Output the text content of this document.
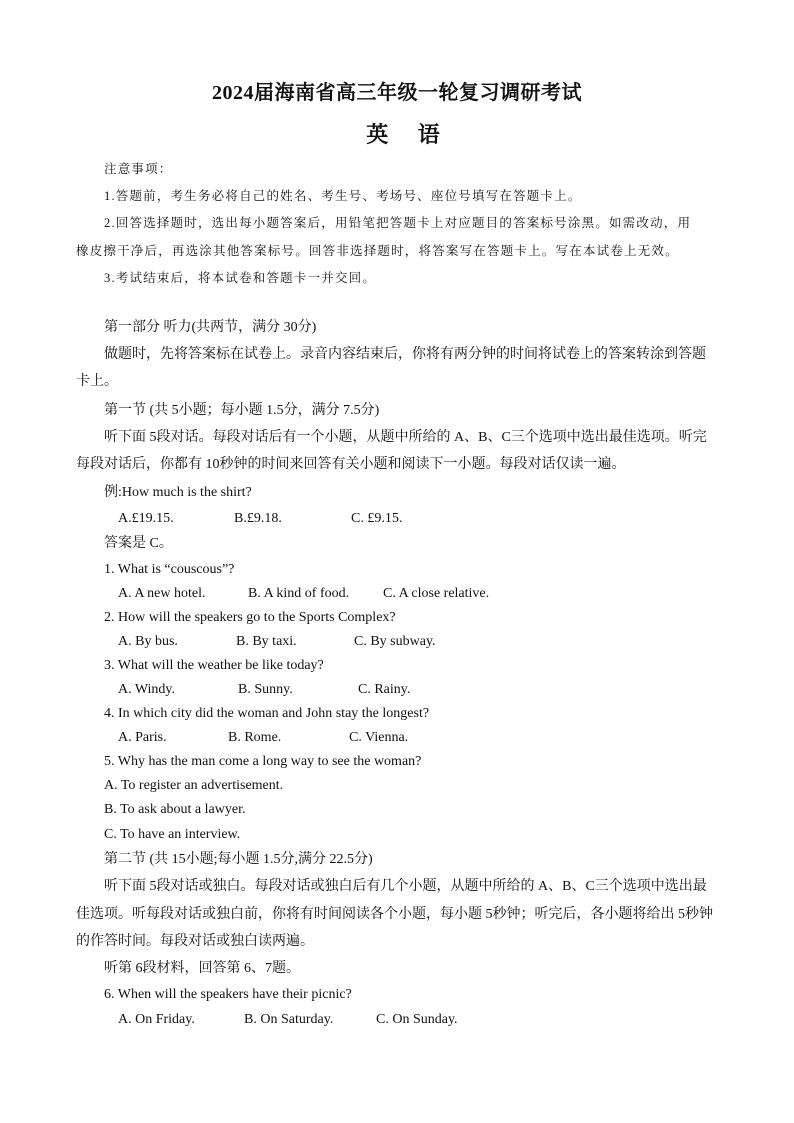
2024届海南省高三年级一轮复习调研考试
英 语
注意事项：
1.答题前，考生务必将自己的姓名、考生号、考场号、座位号填写在答题卡上。
2.回答选择题时，选出每小题答案后，用铅笔把答题卡上对应题目的答案标号涂黑。如需改动，用
橡皮擦干净后，再选涂其他答案标号。回答非选择题时，将答案写在答题卡上。写在本试卷上无效。
3.考试结束后，将本试卷和答题卡一并交回。
第一部分 听力(共两节，满分 30分)
做题时，先将答案标在试卷上。录音内容结束后，你将有两分钟的时间将试卷上的答案转涂到答题
卡上。
第一节 (共 5小题；每小题 1.5分，满分 7.5分)
听下面 5段对话。每段对话后有一个小题，从题中所给的 A、B、C三个选项中选出最佳选项。听完
每段对话后，你都有 10秒钟的时间来回答有关小题和阅读下一小题。每段对话仅读一遍。
例:How much is the shirt?
A.£19.15.	B.£9.18.	C. £9.15.
答案是 C。
1. What is “couscous”?
A. A new hotel.	B. A kind of food. C. A close relative.
2. How will the speakers go to the Sports Complex?
A. By bus.	B. By taxi.	C. By subway.
3. What will the weather be like today?
A. Windy.	B. Sunny.	C. Rainy.
4. In which city did the woman and John stay the longest?
A. Paris.	B. Rome.	C. Vienna.
5. Why has the man come a long way to see the woman?
A. To register an advertisement.
B. To ask about a lawyer.
C. To have an interview.
第二节 (共 15小题;每小题 1.5分,满分 22.5分)
听下面 5段对话或独白。每段对话或独白后有几个小题，从题中所给的 A、B、C三个选项中选出最
佳选项。听每段对话或独白前，你将有时间阅读各个小题，每小题 5秒钟；听完后，各小题将给出 5秒钟
的作答时间。每段对话或独白读两遍。
听第 6段材料，回答第 6、7题。
6. When will the speakers have their picnic?
A. On Friday.	B. On Saturday.	C. On Sunday.
